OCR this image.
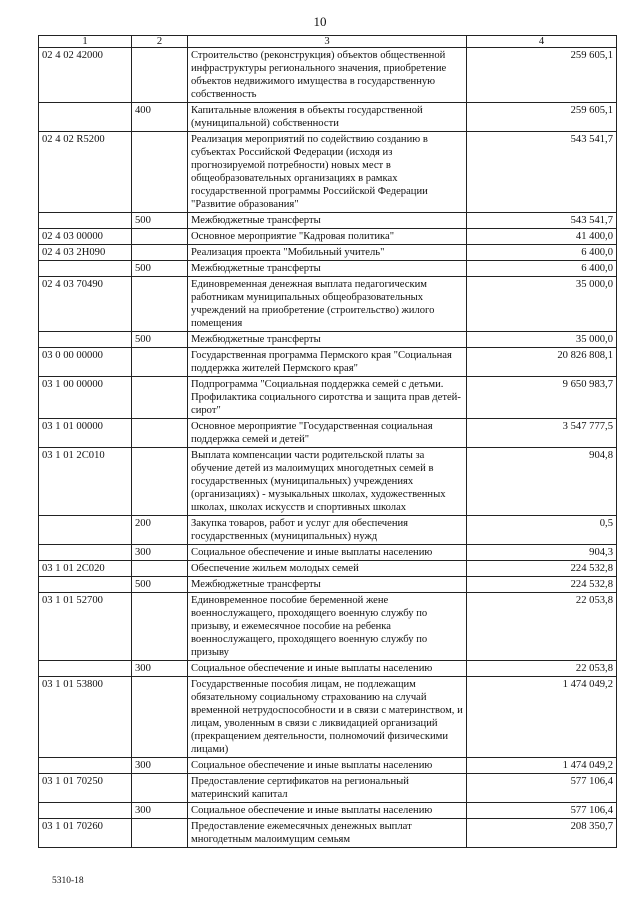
10
1	2	3	4
02 4 02 42000		Строительство (реконструкция) объектов общественной инфраструктуры регионального значения, приобретение объектов недвижимого имущества в государственную собственность	259 605,1
	400	Капитальные вложения в объекты государственной (муниципальной) собственности	259 605,1
02 4 02 R5200		Реализация мероприятий по содействию созданию в субъектах Российской Федерации (исходя из прогнозируемой потребности) новых мест в общеобразовательных организациях в рамках государственной программы Российской Федерации "Развитие образования"	543 541,7
	500	Межбюджетные трансферты	543 541,7
02 4 03 00000		Основное мероприятие "Кадровая политика"	41 400,0
02 4 03 2Н090		Реализация проекта "Мобильный учитель"	6 400,0
	500	Межбюджетные трансферты	6 400,0
02 4 03 70490		Единовременная денежная выплата педагогическим работникам муниципальных общеобразовательных учреждений на приобретение (строительство) жилого помещения	35 000,0
	500	Межбюджетные трансферты	35 000,0
03 0 00 00000		Государственная программа Пермского края "Социальная поддержка жителей Пермского края"	20 826 808,1
03 1 00 00000		Подпрограмма "Социальная поддержка семей с детьми. Профилактика социального сиротства и защита прав детей-сирот"	9 650 983,7
03 1 01 00000		Основное мероприятие "Государственная социальная поддержка семей и детей"	3 547 777,5
03 1 01 2С010		Выплата компенсации части родительской платы за обучение детей из малоимущих многодетных семей в государственных (муниципальных) учреждениях (организациях) - музыкальных школах, художественных школах, школах искусств и спортивных школах	904,8
	200	Закупка товаров, работ и услуг для обеспечения государственных (муниципальных) нужд	0,5
	300	Социальное обеспечение и иные выплаты населению	904,3
03 1 01 2С020		Обеспечение жильем молодых семей	224 532,8
	500	Межбюджетные трансферты	224 532,8
03 1 01 52700		Единовременное пособие беременной жене военнослужащего, проходящего военную службу по призыву, и ежемесячное пособие на ребенка военнослужащего, проходящего военную службу по призыву	22 053,8
	300	Социальное обеспечение и иные выплаты населению	22 053,8
03 1 01 53800		Государственные пособия лицам, не подлежащим обязательному социальному страхованию на случай временной нетрудоспособности и в связи с материнством, и лицам, уволенным в связи с ликвидацией организаций (прекращением деятельности, полномочий физическими лицами)	1 474 049,2
	300	Социальное обеспечение и иные выплаты населению	1 474 049,2
03 1 01 70250		Предоставление сертификатов на региональный материнский капитал	577 106,4
	300	Социальное обеспечение и иные выплаты населению	577 106,4
03 1 01 70260		Предоставление ежемесячных денежных выплат многодетным малоимущим семьям	208 350,7
5310-18
